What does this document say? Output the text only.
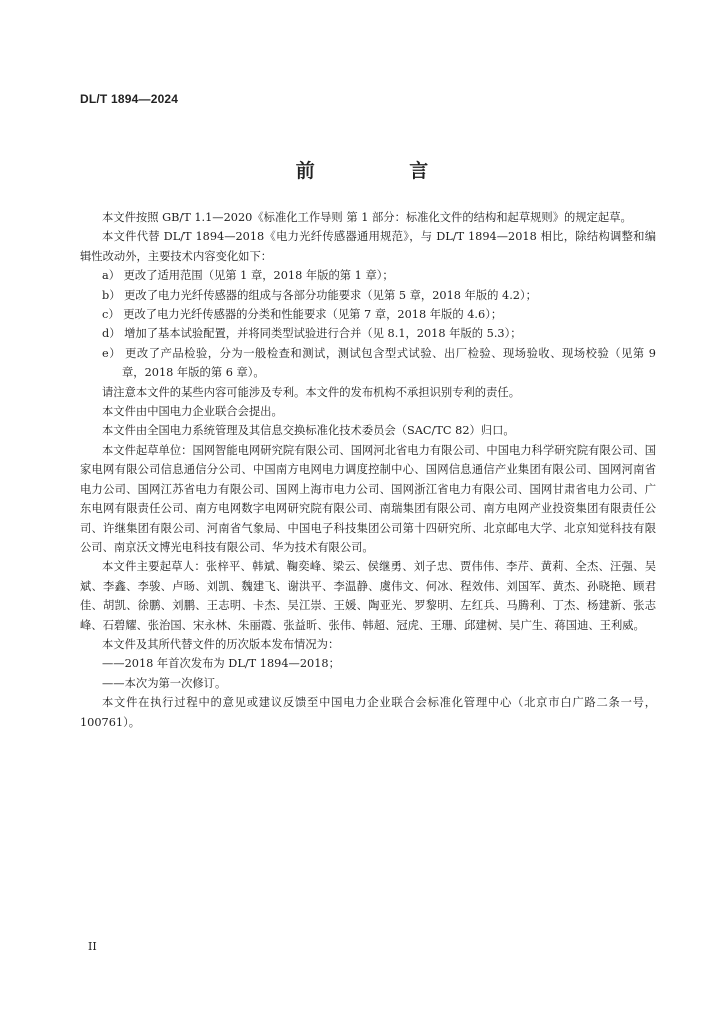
DL/T 1894—2024
前 言

本文件按照 GB/T 1.1—2020《标准化工作导则 第 1 部分：标准化文件的结构和起草规则》的规定起草。

本文件代替 DL/T 1894—2018《电力光纤传感器通用规范》，与 DL/T 1894—2018 相比，除结构调整和编辑性改动外，主要技术内容变化如下：

a） 更改了适用范围（见第 1 章，2018 年版的第 1 章）；

b） 更改了电力光纤传感器的组成与各部分功能要求（见第 5 章，2018 年版的 4.2）；

c） 更改了电力光纤传感器的分类和性能要求（见第 7 章，2018 年版的 4.6）；

d） 增加了基本试验配置，并将同类型试验进行合并（见 8.1，2018 年版的 5.3）；

e） 更改了产品检验，分为一般检查和测试，测试包含型式试验、出厂检验、现场验收、现场校验（见第 9 章，2018 年版的第 6 章）。

请注意本文件的某些内容可能涉及专利。本文件的发布机构不承担识别专利的责任。

本文件由中国电力企业联合会提出。

本文件由全国电力系统管理及其信息交换标准化技术委员会（SAC/TC 82）归口。

本文件起草单位：国网智能电网研究院有限公司、国网河北省电力有限公司、中国电力科学研究院有限公司、国家电网有限公司信息通信分公司、中国南方电网电力调度控制中心、国网信息通信产业集团有限公司、国网河南省电力公司、国网江苏省电力有限公司、国网上海市电力公司、国网浙江省电力有限公司、国网甘肃省电力公司、广东电网有限责任公司、南方电网数字电网研究院有限公司、南瑞集团有限公司、南方电网产业投资集团有限责任公司、许继集团有限公司、河南省气象局、中国电子科技集团公司第十四研究所、北京邮电大学、北京知觉科技有限公司、南京沃文博光电科技有限公司、华为技术有限公司。

本文件主要起草人：张梓平、韩斌、鞠奕峰、梁云、侯继勇、刘子忠、贾伟伟、李芹、黄莉、全杰、汪强、吴斌、李鑫、李骏、卢旸、刘凯、魏建飞、谢洪平、李温静、虞伟文、何冰、程效伟、刘国军、黄杰、孙晓艳、顾君佳、胡凯、徐鹏、刘鹏、王志明、卡杰、吴江崇、王媛、陶亚光、罗黎明、左红兵、马腾利、丁杰、杨建新、张志峰、石碧耀、张治国、宋永林、朱丽霞、张益昕、张伟、韩超、冠虎、王珊、邱建树、吴广生、蒋国迪、王利威。

本文件及其所代替文件的历次版本发布情况为：

——2018 年首次发布为 DL/T 1894—2018；

——本次为第一次修订。

本文件在执行过程中的意见或建议反馈至中国电力企业联合会标准化管理中心（北京市白广路二条一号，100761）。

II
